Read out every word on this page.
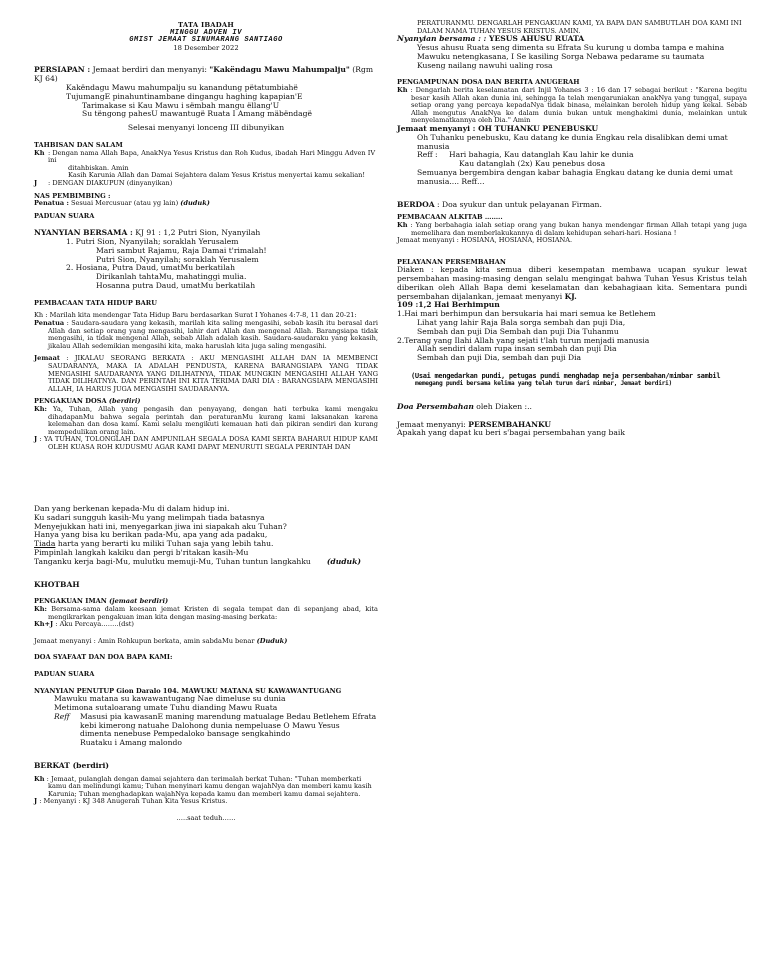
TATA IBADAH
MINGGU ADVEN IV
GMIST JEMAAT SINUMARANG SANTIAGO
18 Desember 2022
PERSIAPAN : Jemaat berdiri dan menyanyi: "Kakëndagu Mawu Mahumpalju" (Rgm KJ 64)
Kakëndagu Mawu mahumpalju su kanandung pëtatumbiahë
TujumangE pinahuntinambane dingangu haghing kapapian'E
Tarimakase si Kau Mawu i sëmbah mangu ëllang'U
Su tëngong pahesU mawantugë Ruata I Amang mäbëndagë
Selesai menyanyi lonceng III dibunyikan
TAHBISAN DAN SALAM
Kh : Dengan nama Allah Bapa, AnakNya Yesus Kristus dan Roh Kudus, ibadah Hari Minggu Adven IV ini
ditahbiskan. Amin
Kasih Karunia Allah dan Damai Sejahtera dalam Yesus Kristus menyertai kamu sekalian!
J	: DENGAN DIAKUPUN (dinyanyikan)
NAS PEMBIMBING :
Penatua : Sesuai Mercusuar (atau yg lain) (duduk)
PADUAN SUARA
NYANYIAN BERSAMA : KJ 91 : 1,2 Putri Sion, Nyanyilah
1. Putri Sion, Nyanyilah; soraklah Yerusalem
Mari sambut Rajamu, Raja Damai t'rimalah!
Putri Sion, Nyanyilah; soraklah Yerusalem
2. Hosiana, Putra Daud, umatMu berkatilah
Dirikanlah tahtaMu, mahatinggi mulia.
Hosanna putra Daud, umatMu berkatilah
PEMBACAAN TATA HIDUP BARU
Kh : Marilah kita mendengar Tata Hidup Baru berdasarkan Surat I Yohanes 4:7-8, 11 dan 20-21:
Penatua : Saudara-saudara yang kekasih, marilah kita saling mengasihi, sebab kasih itu berasal dari Allah dan setiap orang yang mengasihi, lahir dari Allah dan mengenal Allah. Barangsiapa tidak mengasihi, ia tidak mengenal Allah, sebab Allah adalah kasih. Saudara-saudaraku yang kekasih, jikalau Allah sedemikian mengasihi kita, maka haruslah kita juga saling mengasihi.
Jemaat : JIKALAU SEORANG BERKATA : AKU MENGASIHI ALLAH DAN IA MEMBENCI SAUDARANYA, MAKA IA ADALAH PENDUSTA, KARENA BARANGSIAPA YANG TIDAK MENGASIHI SAUDARANYA YANG DILIHATNYA, TIDAK MUNGKIN MENGASIHI ALLAH YANG TIDAK DILIHATNYA. DAN PERINTAH INI KITA TERIMA DARI DIA : BARANGSIAPA MENGASIHI ALLAH, IA HARUS JUGA MENGASIHI SAUDARANYA.
PENGAKUAN DOSA (berdiri)
Kh: Ya, Tuhan, Allah yang pengasih dan penyayang, dengan hati terbuka kami mengaku dihadapanMu bahwa segala perintah dan peraturanMu kurang kami laksanakan karena kelemahan dan dosa kami. Kami selalu mengikuti kemauan hati dan pikiran sendiri dan kurang mempedulikan orang lain.
J : YA TUHAN, TOLONGLAH DAN AMPUNILAH SEGALA DOSA KAMI SERTA BAHARUI HIDUP KAMI OLEH KUASA ROH KUDUSMU AGAR KAMI DAPAT MENURUTI SEGALA PERINTAH DAN
PERATURANMU. DENGARLAH PENGAKUAN KAMI, YA BAPA DAN SAMBUTLAH DOA KAMI INI DALAM NAMA TUHAN YESUS KRISTUS. AMIN.
Nyanyian bersama : : YESUS AHUSU RUATA
Yesus ahusu Ruata seng dimenta su Efrata Su kurung u domba tampa e mahina
Mawuku netengkasana, I Se kasiling Sorga Nebawa pedarame su taumata
Kuseng nailang nawuhi ualing rosa
PENGAMPUNAN DOSA DAN BERITA ANUGERAH
Kh : Dengarlah berita keselamatan dari Injil Yohanes 3 : 16 dan 17 sebagai berikut : "Karena begitu besar kasih Allah akan dunia ini, sehingga Ia telah mengaruniakan anakNya yang tunggal, supaya setiap orang yang percaya kepadaNya tidak binasa, melainkan beroleh hidup yang kekal. Sebab Allah mengutus AnakNya ke dalam dunia bukan untuk menghakimi dunia, melainkan untuk menyelamatkannya oleh Dia." Amin
Jemaat menyanyi : OH TUHANKU PENEBUSKU
Oh Tuhanku penebusku, Kau datang ke dunia Engkau rela disalibkan demi umat
manusia
Reff :	Hari bahagia, Kau datanglah Kau lahir ke dunia
Kau datanglah (2x) Kau penebus dosa
Semuanya bergembira dengan kabar bahagia Engkau datang ke dunia demi umat
manusia.... Reff…
BERDOA : Doa syukur dan untuk pelayanan Firman.
PEMBACAAN ALKITAB ……..
Kh : Yang berbahagia ialah setiap orang yang bukan hanya mendengar firman Allah tetapi yang juga memelihara dan memberlakukannya di dalam kehidupan sehari-hari. Hosiana !
Jemaat menyanyi : HOSIANA, HOSIANA, HOSIANA.
PELAYANAN PERSEMBAHAN
Diaken : kepada kita semua diberi kesempatan membawa ucapan syukur lewat persembahan masing-masing dengan selalu mengingat bahwa Tuhan Yesus Kristus telah diberikan oleh Allah Bapa demi keselamatan dan kebahagiaan kita. Sementara pundi persembahan dijalankan, jemaat menyanyi KJ.
109 :1,2 Hai Berhimpun
1.Hai mari berhimpun dan bersukaria hai mari semua ke Betlehem
Lihat yang lahir Raja Bala sorga sembah dan puji Dia,
Sembah dan puji Dia Sembah dan puji Dia Tuhanmu
2.Terang yang Ilahi Allah yang sejati t'lah turun menjadi manusia
Allah sendiri dalam rupa insan sembah dan puji Dia
Sembah dan puji Dia, sembah dan puji Dia
(Usai mengedarkan pundi, petugas pundi menghadap meja persembahan/mimbar sambil
memegang pundi bersama kelima yang telah turun dari mimbar, Jemaat berdiri)
Doa Persembahan oleh Diaken :..
Jemaat menyanyi: PERSEMBAHANKU
Apakah yang dapat ku beri s'bagai persembahan yang baik
Dan yang berkenan kepada-Mu di dalam hidup ini.
Ku sadari sungguh kasih-Mu yang melimpah tiada batasnya
Menyejukkan hati ini, menyegarkan jiwa ini siapakah aku Tuhan?
Hanya yang bisa ku berikan pada-Mu, apa yang ada padaku,
Tiada harta yang berarti ku miliki Tuhan saja yang lebih tahu.
Pimpinlah langkah kakiku dan pergi b'ritakan kasih-Mu
Tanganku kerja bagi-Mu, mulutku memuji-Mu, Tuhan tuntun langkahku (duduk)
KHOTBAH
PENGAKUAN IMAN (jemaat berdiri)
Kh: Bersama-sama dalam keesaan jemat Kristen di segala tempat dan di sepanjang abad, kita mengikrarkan pengakuan iman kita dengan masing-masing berkata:
Kh+J : Aku Percaya……..(dst)
Jemaat menyanyi : Amin Rohkupun berkata, amin sabdaMu benar (Duduk)
DOA SYAFAAT DAN DOA BAPA KAMI:
PADUAN SUARA
NYANYIAN PENUTUP Gion Daralo 104. MAWUKU MATANA SU KAWAWANTUGANG
Mawuku matana su kawawantugang Nae dimeluse su dunia
Metimona sutaloarang umate Tuhu dianding Mawu Ruata
Reff	Masusi pia kawasanE maning marendung matualage Bedau Betlehem Efrata
kebi kimerong natuahe Dalohong dunia nempeluase O Mawu Yesus
dimenta nenebuse Pempedaloko bansage sengkahindo
Ruataku i Amang malondo
BERKAT (berdiri)
Kh : Jemaat, pulanglah dengan damai sejahtera dan terimalah berkat Tuhan: "Tuhan memberkati kamu dan melindungi kamu; Tuhan menyinari kamu dengan wajahNya dan memberi kamu kasih Karunia; Tuhan menghadapkan wajahNya kepada kamu dan memberi kamu damai sejahtera.
J : Menyanyi : KJ 348 Anugerah Tuhan Kita Yesus Kristus.
…..saat teduh……
